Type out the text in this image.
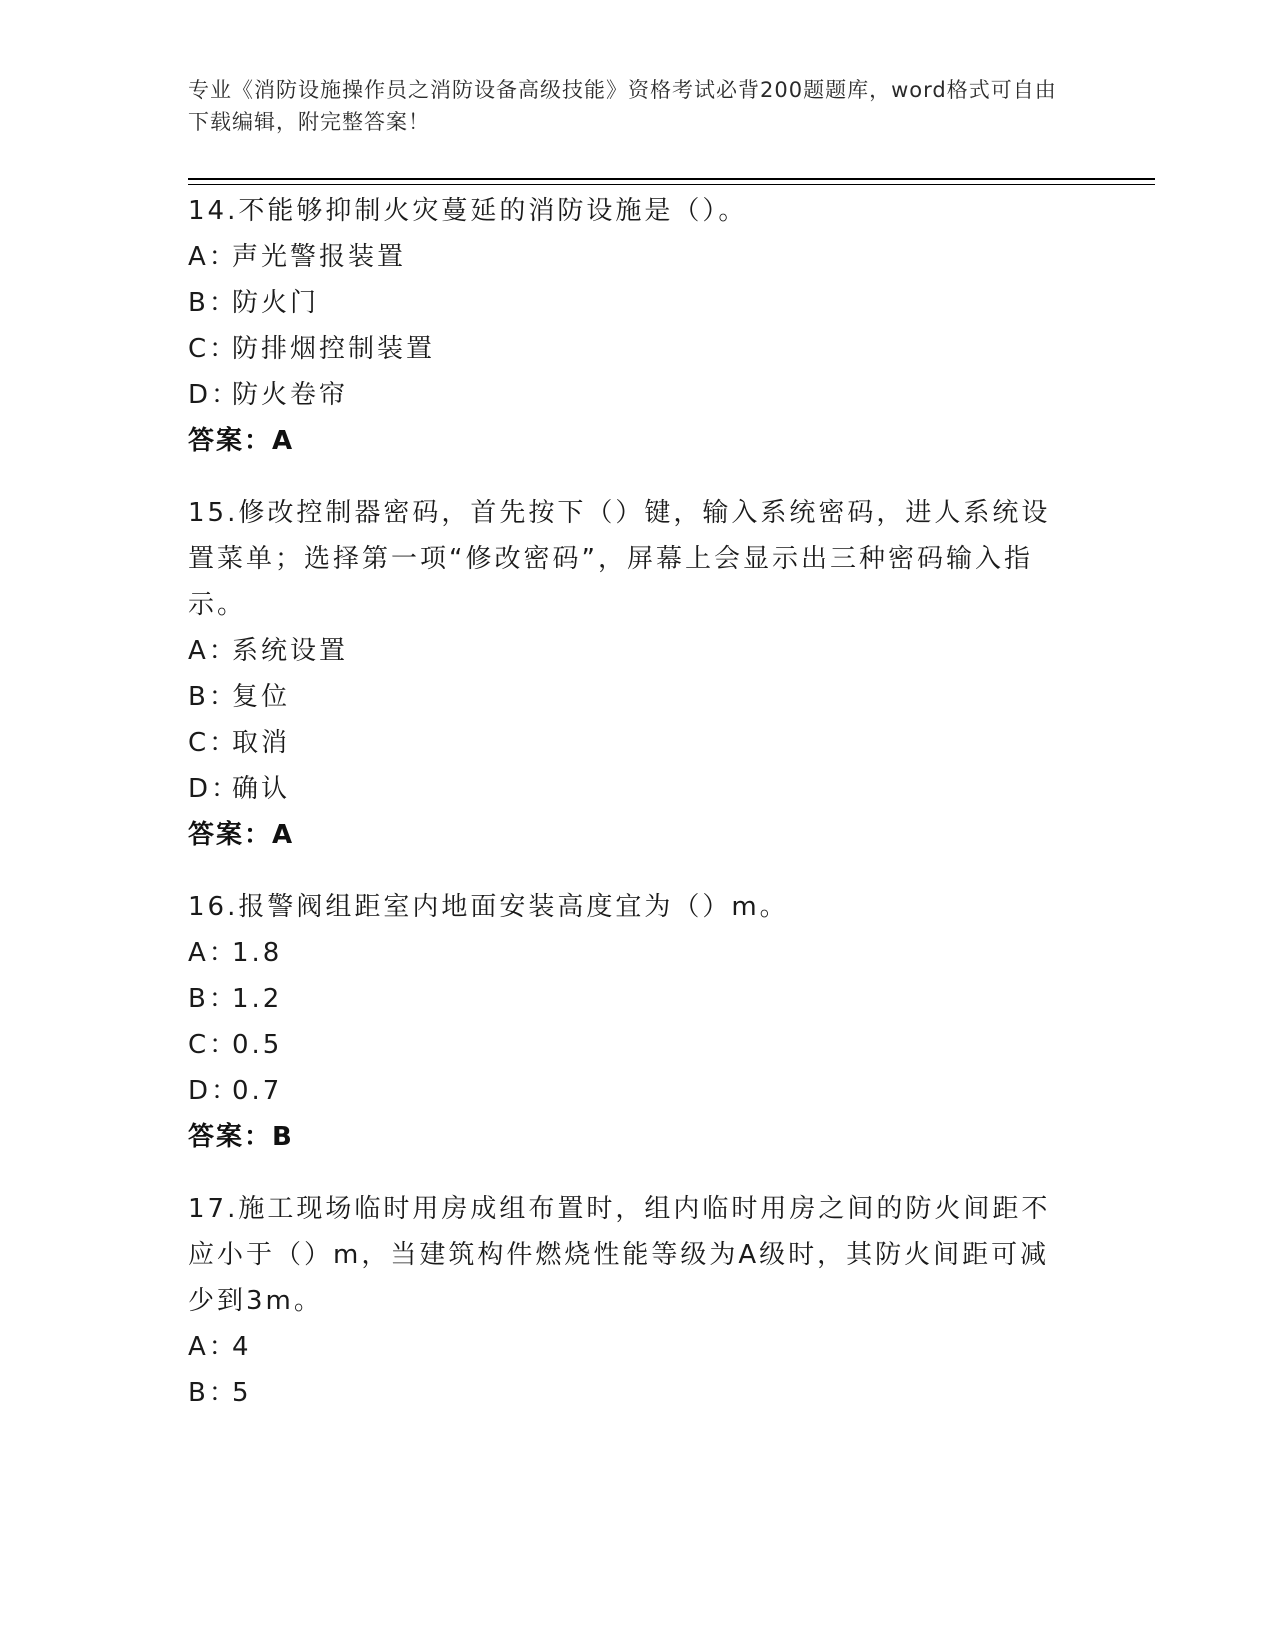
专业《消防设施操作员之消防设备高级技能》资格考试必背200题题库，word格式可自由下载编辑，附完整答案！
14.不能够抑制火灾蔓延的消防设施是（）。
A：声光警报装置
B：防火门
C：防排烟控制装置
D：防火卷帘
答案：A
15.修改控制器密码，首先按下（）键，输入系统密码，进人系统设置菜单；选择第一项“修改密码”，屏幕上会显示出三种密码输入指示。
A：系统设置
B：复位
C：取消
D：确认
答案：A
16.报警阀组距室内地面安装高度宜为（）m。
A：1.8
B：1.2
C：0.5
D：0.7
答案：B
17.施工现场临时用房成组布置时，组内临时用房之间的防火间距不应小于（）m，当建筑构件燃烧性能等级为A级时，其防火间距可减少到3m。
A：4
B：5
